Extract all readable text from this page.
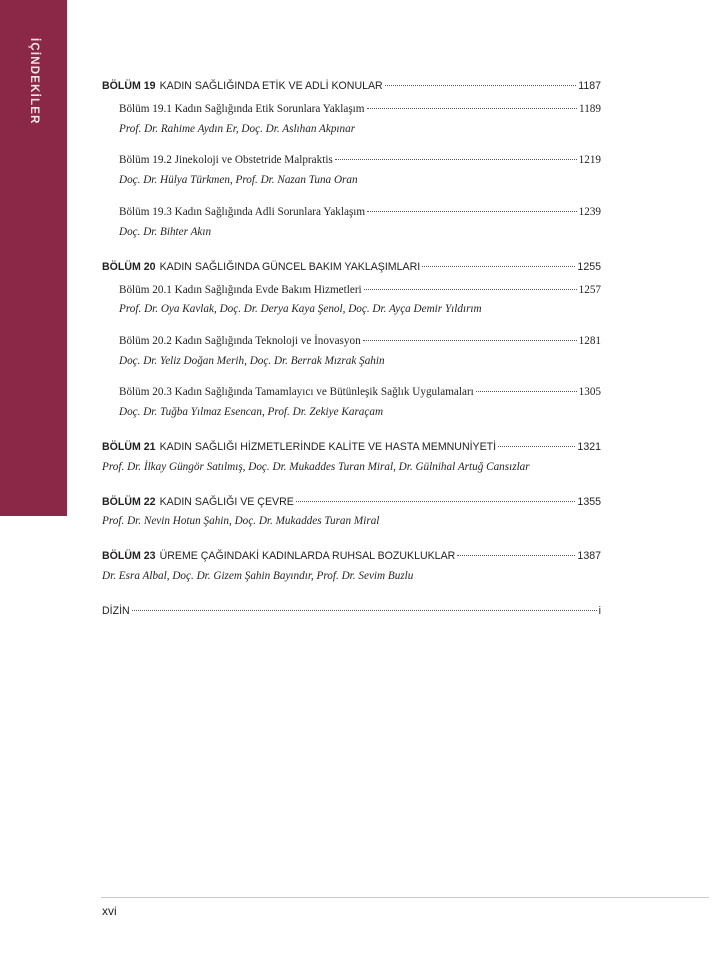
İÇİNDEKİLER	BÖLÜM 19 KADIN SAĞLIĞINDA ETİK VE ADLİ KONULAR	1187
Bölüm 19.1 Kadın Sağlığında Etik Sorunlara Yaklaşım	1189
Prof. Dr. Rahime Aydın Er, Doç. Dr. Aslıhan Akpınar
Bölüm 19.2 Jinekoloji ve Obstetride Malpraktis	1219
Doç. Dr. Hülya Türkmen, Prof. Dr. Nazan Tuna Oran
Bölüm 19.3 Kadın Sağlığında Adli Sorunlara Yaklaşım	1239
Doç. Dr. Bihter Akın
BÖLÜM 20 KADIN SAĞLIĞINDA GÜNCEL BAKIM YAKLAŞIMLARI	1255
Bölüm 20.1 Kadın Sağlığında Evde Bakım Hizmetleri	1257
Prof. Dr. Oya Kavlak, Doç. Dr. Derya Kaya Şenol, Doç. Dr. Ayça Demir Yıldırım
Bölüm 20.2 Kadın Sağlığında Teknoloji ve İnovasyon	1281
Doç. Dr. Yeliz Doğan Merih, Doç. Dr. Berrak Mızrak Şahin
Bölüm 20.3 Kadın Sağlığında Tamamlayıcı ve Bütünleşik Sağlık Uygulamaları	1305
Doç. Dr. Tuğba Yılmaz Esencan, Prof. Dr. Zekiye Karaçam
BÖLÜM 21 KADIN SAĞLIĞI HİZMETLERİNDE KALİTE VE HASTA MEMNUNİYETİ	1321
Prof. Dr. İlkay Güngör Satılmış, Doç. Dr. Mukaddes Turan Miral, Dr. Gülnihal Artuğ Cansızlar
BÖLÜM 22 KADIN SAĞLIĞI VE ÇEVRE	1355
Prof. Dr. Nevin Hotun Şahin, Doç. Dr. Mukaddes Turan Miral
BÖLÜM 23 ÜREME ÇAĞINDAKİ KADINLARDA RUHSAL BOZUKLUKLAR	1387
Dr. Esra Albal, Doç. Dr. Gizem Şahin Bayındır, Prof. Dr. Sevim Buzlu
DİZİN	i
xvi
